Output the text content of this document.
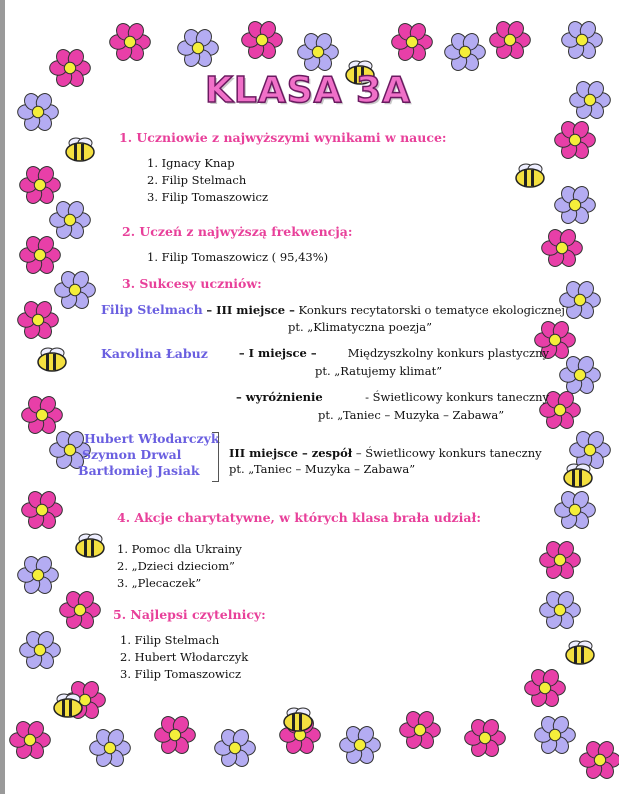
KLASA 3A
1. Uczniowie z najwyższymi wynikami w nauce:
1. Ignacy Knap
2. Filip Stelmach
3. Filip Tomaszowicz
2. Uczeń z najwyższą frekwencją:
1. Filip Tomaszowicz ( 95,43%)
3. Sukcesy uczniów:
Filip Stelmach – III miejsce – Konkurs recytatorski o tematyce ekologicznej
pt. „Klimatyczna poezja”
Karolina Łabuz	– I miejsce –	Międzyszkolny konkurs plastyczny
pt. „Ratujemy klimat”
– wyróżnienie	- Świetlicowy konkurs taneczny
pt. „Taniec – Muzyka – Zabawa”
Hubert Włodarczyk
Szymon Drwal
Bartłomiej Jasiak
III miejsce – zespół – Świetlicowy konkurs taneczny
pt. „Taniec – Muzyka – Zabawa”
4. Akcje charytatywne, w których klasa brała udział:
1. Pomoc dla Ukrainy
2. „Dzieci dzieciom”
3. „Plecaczek”
5. Najlepsi czytelnicy:
1. Filip Stelmach
2. Hubert Włodarczyk
3. Filip Tomaszowicz
